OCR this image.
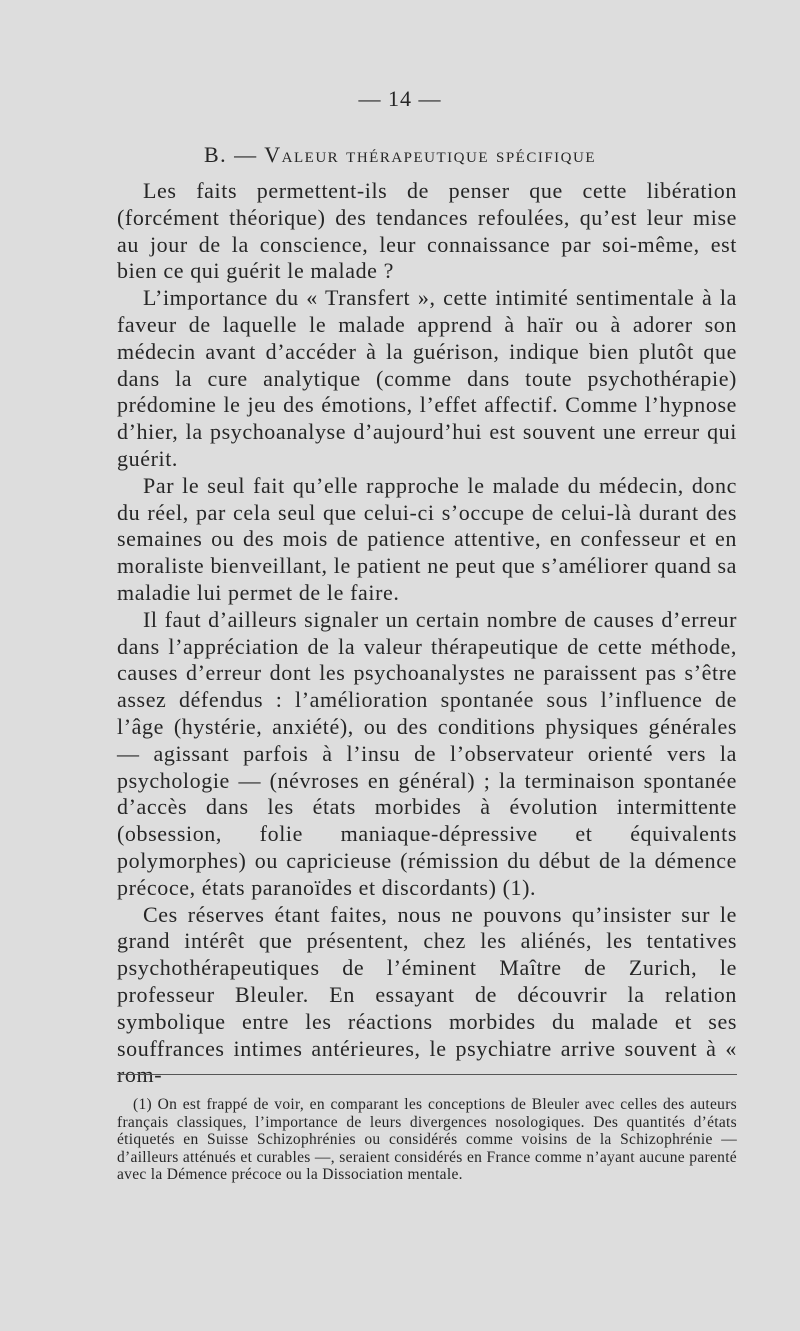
— 14 —
B. — Valeur thérapeutique spécifique

Les faits permettent-ils de penser que cette libération (forcément théorique) des tendances refoulées, qu’est leur mise au jour de la conscience, leur connaissance par soi-même, est bien ce qui guérit le malade ?

L’importance du « Transfert », cette intimité sentimentale à la faveur de laquelle le malade apprend à haïr ou à adorer son médecin avant d’accéder à la guérison, indique bien plutôt que dans la cure analytique (comme dans toute psychothérapie) prédomine le jeu des émotions, l’effet affectif. Comme l’hypnose d’hier, la psychoanalyse d’aujourd’hui est souvent une erreur qui guérit.

Par le seul fait qu’elle rapproche le malade du médecin, donc du réel, par cela seul que celui-ci s’occupe de celui-là durant des semaines ou des mois de patience attentive, en confesseur et en moraliste bienveillant, le patient ne peut que s’améliorer quand sa maladie lui permet de le faire.

Il faut d’ailleurs signaler un certain nombre de causes d’erreur dans l’appréciation de la valeur thérapeutique de cette méthode, causes d’erreur dont les psychoanalystes ne paraissent pas s’être assez défendus : l’amélioration spontanée sous l’influence de l’âge (hystérie, anxiété), ou des conditions physiques générales — agissant parfois à l’insu de l’observateur orienté vers la psychologie — (névroses en général) ; la terminaison spontanée d’accès dans les états morbides à évolution intermittente (obsession, folie maniaque-dépressive et équivalents polymorphes) ou capricieuse (rémission du début de la démence précoce, états paranoïdes et discordants) (1).

Ces réserves étant faites, nous ne pouvons qu’insister sur le grand intérêt que présentent, chez les aliénés, les tentatives psychothérapeutiques de l’éminent Maître de Zurich, le professeur Bleuler. En essayant de découvrir la relation symbolique entre les réactions morbides du malade et ses souffrances intimes antérieures, le psychiatre arrive souvent à « rom-

(1) On est frappé de voir, en comparant les conceptions de Bleuler avec celles des auteurs français classiques, l’importance de leurs divergences nosologiques. Des quantités d’états étiquetés en Suisse Schizophrénies ou considérés comme voisins de la Schizophrénie — d’ailleurs atténués et curables —, seraient considérés en France comme n’ayant aucune parenté avec la Démence précoce ou la Dissociation mentale.
